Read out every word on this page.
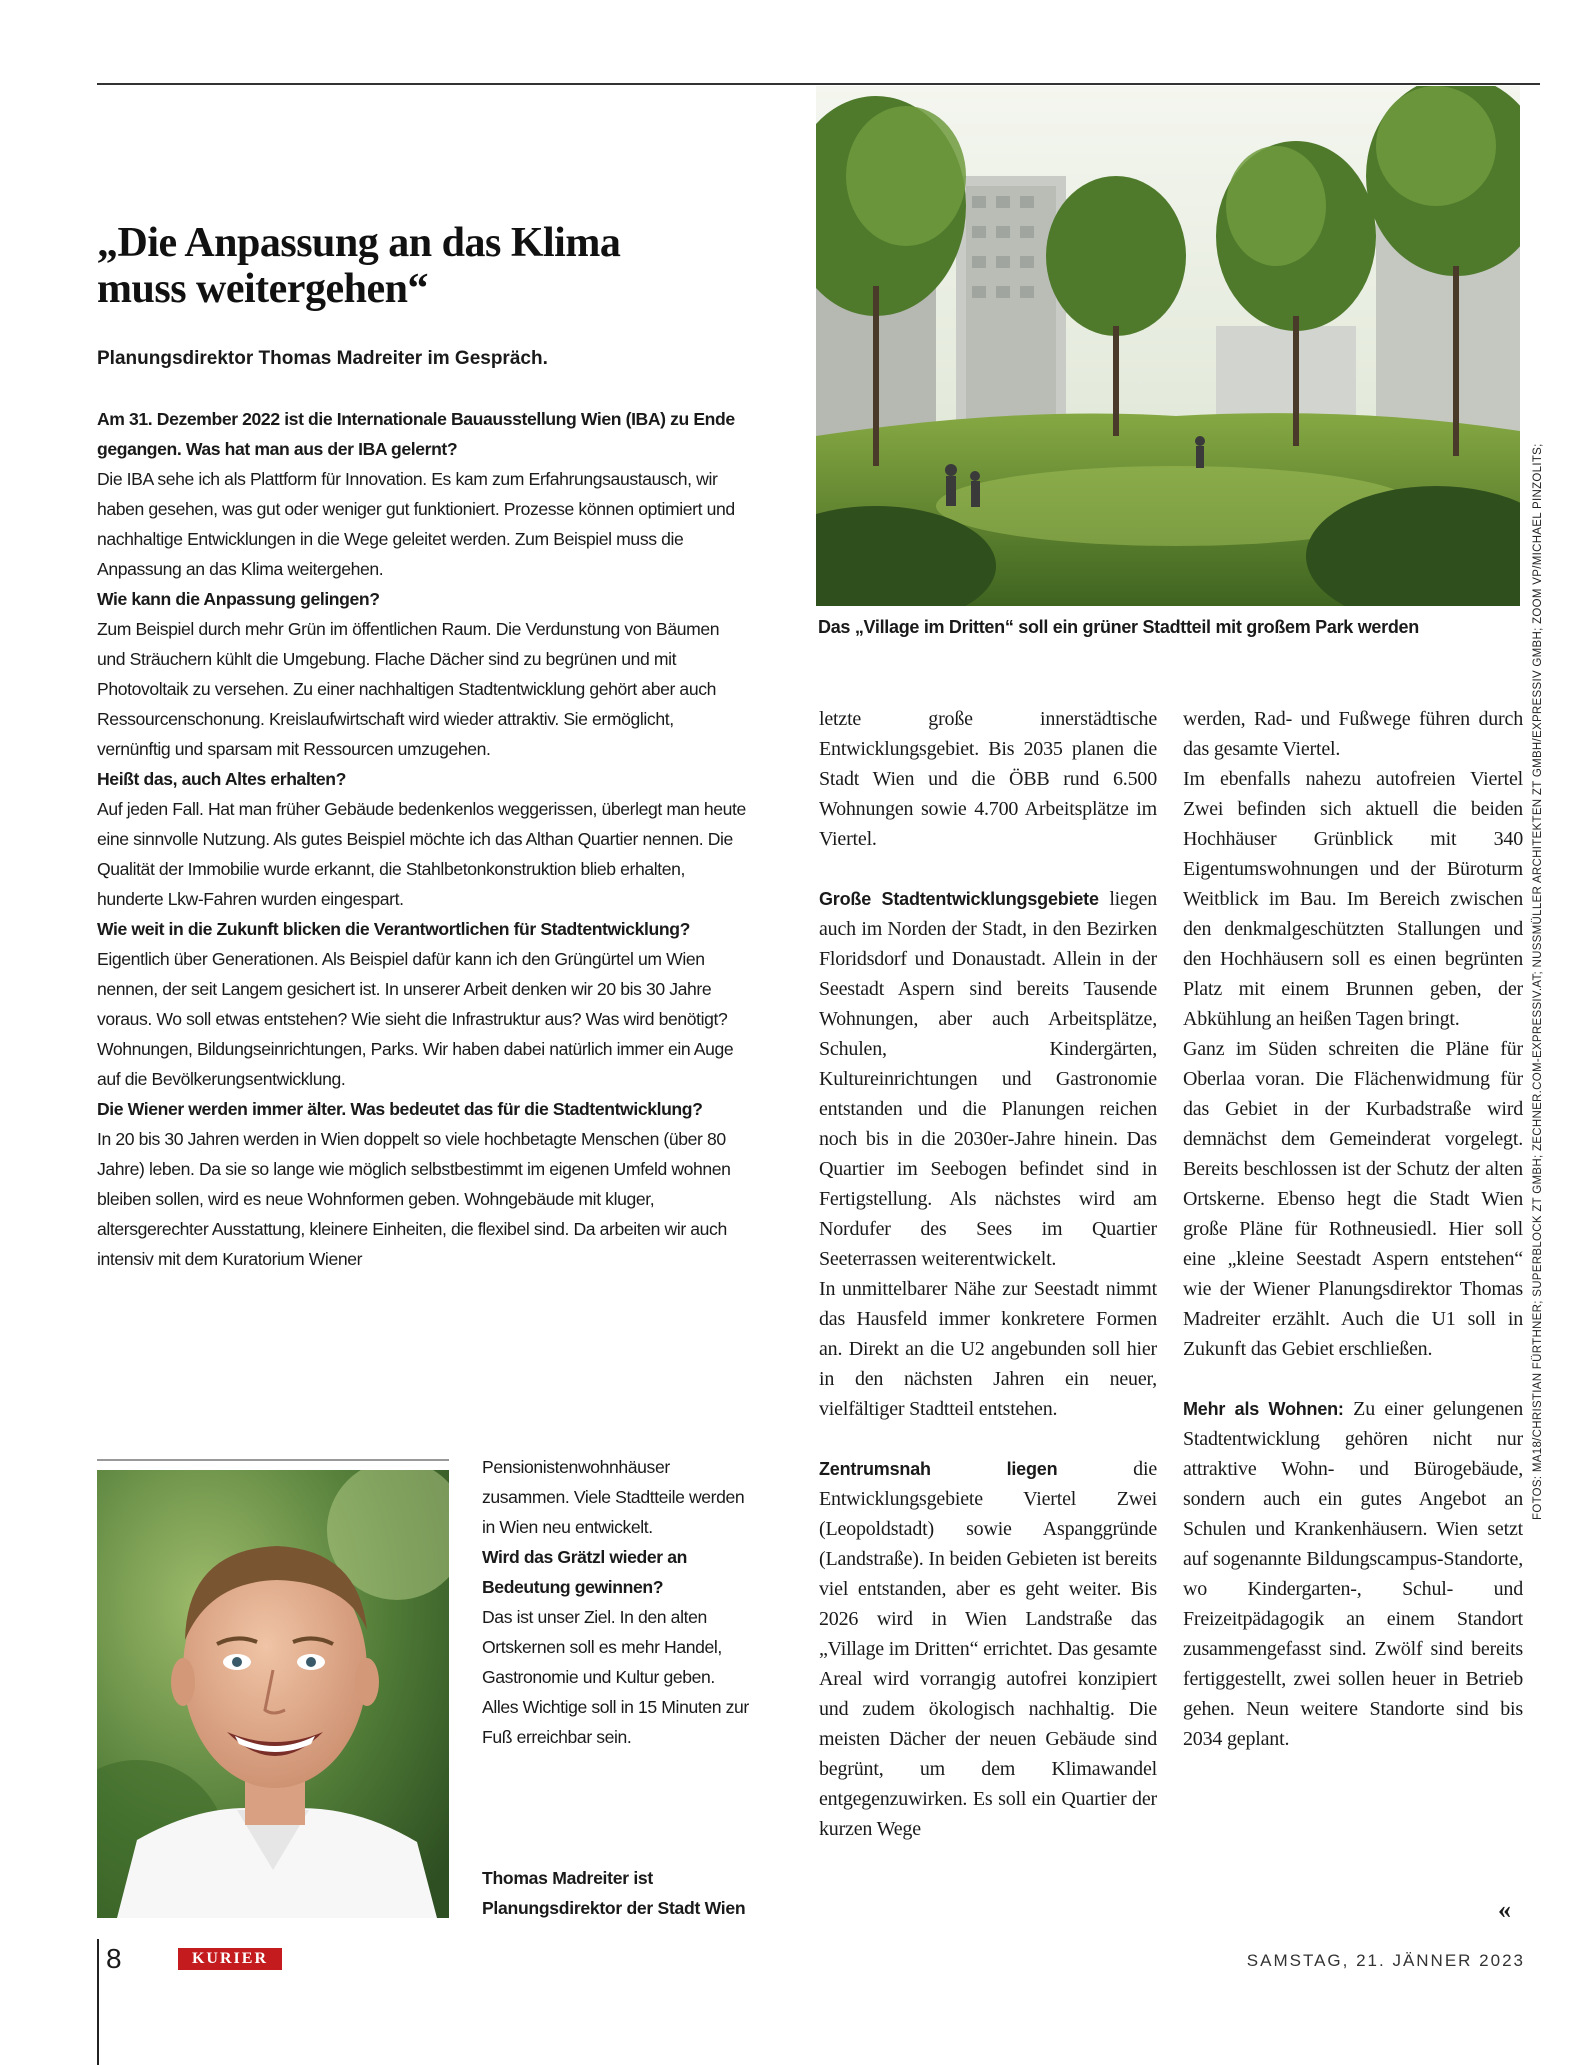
„Die Anpassung an das Klima
muss weitergehen“

Planungsdirektor Thomas Madreiter im Gespräch.

Am 31. Dezember 2022 ist die Internationale Bauausstellung Wien (IBA) zu Ende gegangen. Was hat man aus der IBA gelernt?
Die IBA sehe ich als Plattform für Innovation. Es kam zum Erfahrungsaustausch, wir haben gesehen, was gut oder weniger gut funktioniert. Prozesse können optimiert und nachhaltige Entwicklungen in die Wege geleitet werden. Zum Beispiel muss die Anpassung an das Klima weitergehen.
Wie kann die Anpassung gelingen?
Zum Beispiel durch mehr Grün im öffentlichen Raum. Die Verdunstung von Bäumen und Sträuchern kühlt die Umgebung. Flache Dächer sind zu begrünen und mit Photovoltaik zu versehen. Zu einer nachhaltigen Stadtentwicklung gehört aber auch Ressourcenschonung. Kreislaufwirtschaft wird wieder attraktiv. Sie ermöglicht, vernünftig und sparsam mit Ressourcen umzugehen.
Heißt das, auch Altes erhalten?
Auf jeden Fall. Hat man früher Gebäude bedenkenlos weggerissen, überlegt man heute eine sinnvolle Nutzung. Als gutes Beispiel möchte ich das Althan Quartier nennen. Die Qualität der Immobilie wurde erkannt, die Stahlbetonkonstruktion blieb erhalten, hunderte Lkw-Fahren wurden eingespart.
Wie weit in die Zukunft blicken die Verantwortlichen für Stadtentwicklung?
Eigentlich über Generationen. Als Beispiel dafür kann ich den Grüngürtel um Wien nennen, der seit Langem gesichert ist. In unserer Arbeit denken wir 20 bis 30 Jahre voraus. Wo soll etwas entstehen? Wie sieht die Infrastruktur aus? Was wird benötigt? Wohnungen, Bildungseinrichtungen, Parks. Wir haben dabei natürlich immer ein Auge auf die Bevölkerungsentwicklung.
Die Wiener werden immer älter. Was bedeutet das für die Stadtentwicklung?
In 20 bis 30 Jahren werden in Wien doppelt so viele hochbetagte Menschen (über 80 Jahre) leben. Da sie so lange wie möglich selbstbestimmt im eigenen Umfeld wohnen bleiben sollen, wird es neue Wohnformen geben. Wohngebäude mit kluger, altersgerechter Ausstattung, kleinere Einheiten, die flexibel sind. Da arbeiten wir auch intensiv mit dem Kuratorium Wiener
Pensionistenwohnhäuser zusammen. Viele Stadtteile werden in Wien neu entwickelt.
Wird das Grätzl wieder an Bedeutung gewinnen?
Das ist unser Ziel. In den alten Ortskernen soll es mehr Handel, Gastronomie und Kultur geben. Alles Wichtige soll in 15 Minuten zur Fuß erreichbar sein.
Thomas Madreiter ist Planungsdirektor der Stadt Wien
Das „Village im Dritten“ soll ein grüner Stadtteil mit großem Park werden

letzte große innerstädtische Entwicklungsgebiet. Bis 2035 planen die Stadt Wien und die ÖBB rund 6.500 Wohnungen sowie 4.700 Arbeitsplätze im Viertel.

Große Stadtentwicklungsgebiete liegen auch im Norden der Stadt, in den Bezirken Floridsdorf und Donaustadt. Allein in der Seestadt Aspern sind bereits Tausende Wohnungen, aber auch Arbeitsplätze, Schulen, Kindergärten, Kultureinrichtungen und Gastronomie entstanden und die Planungen reichen noch bis in die 2030er-Jahre hinein. Das Quartier im Seebogen befindet sind in Fertigstellung. Als nächstes wird am Nordufer des Sees im Quartier Seeterrassen weiterentwickelt.

In unmittelbarer Nähe zur Seestadt nimmt das Hausfeld immer konkretere Formen an. Direkt an die U2 angebunden soll hier in den nächsten Jahren ein neuer, vielfältiger Stadtteil entstehen.

Zentrumsnah liegen	die Entwicklungsgebiete Viertel Zwei (Leopoldstadt) sowie Aspanggründe (Landstraße). In beiden Gebieten ist bereits viel entstanden, aber es geht weiter. Bis 2026 wird in Wien Landstraße das „Village im Dritten“ errichtet. Das gesamte Areal wird vorrangig autofrei konzipiert und zudem ökologisch nachhaltig. Die meisten Dächer der neuen Gebäude sind begrünt, um dem Klimawandel entgegenzuwirken. Es soll ein Quartier der kurzen Wege

werden, Rad- und Fußwege führen durch das gesamte Viertel.

Im ebenfalls nahezu autofreien Viertel Zwei befinden sich aktuell die beiden Hochhäuser Grünblick mit 340 Eigentumswohnungen und der Büroturm Weitblick im Bau. Im Bereich zwischen den denkmalgeschützten Stallungen und den Hochhäusern soll es einen begrünten Platz mit einem Brunnen geben, der Abkühlung an heißen Tagen bringt.

Ganz im Süden schreiten die Pläne für Oberlaa voran. Die Flächenwidmung für das Gebiet in der Kurbadstraße wird demnächst dem Gemeinderat vorgelegt. Bereits beschlossen ist der Schutz der alten Ortskerne. Ebenso hegt die Stadt Wien große Pläne für Rothneusiedl. Hier soll eine „kleine Seestadt Aspern entstehen“ wie der Wiener Planungsdirektor Thomas Madreiter erzählt. Auch die U1 soll in Zukunft das Gebiet erschließen.

Mehr als Wohnen: Zu einer gelungenen Stadtentwicklung gehören nicht nur attraktive Wohn- und Bürogebäude, sondern auch ein gutes Angebot an Schulen und Krankenhäusern. Wien setzt auf sogenannte Bildungscampus-Standorte, wo Kindergarten-, Schul- und Freizeitpädagogik an einem Standort zusammengefasst sind. Zwölf sind bereits fertiggestellt, zwei sollen heuer in Betrieb gehen. Neun weitere Standorte sind bis 2034 geplant.

«
FOTOS: MA18/CHRISTIAN FÜRTHNER; SUPERBLOCK ZT GMBH; ZECHNER.COM-EXPRESSIV.AT; NUSSMÜLLER ARCHITEKTEN ZT GMBH/EXPRESSIV GMBH; ZOOM VP/MICHAEL PINZOLITS;
8	KURIER	SAMSTAG, 21. JÄNNER 2023
